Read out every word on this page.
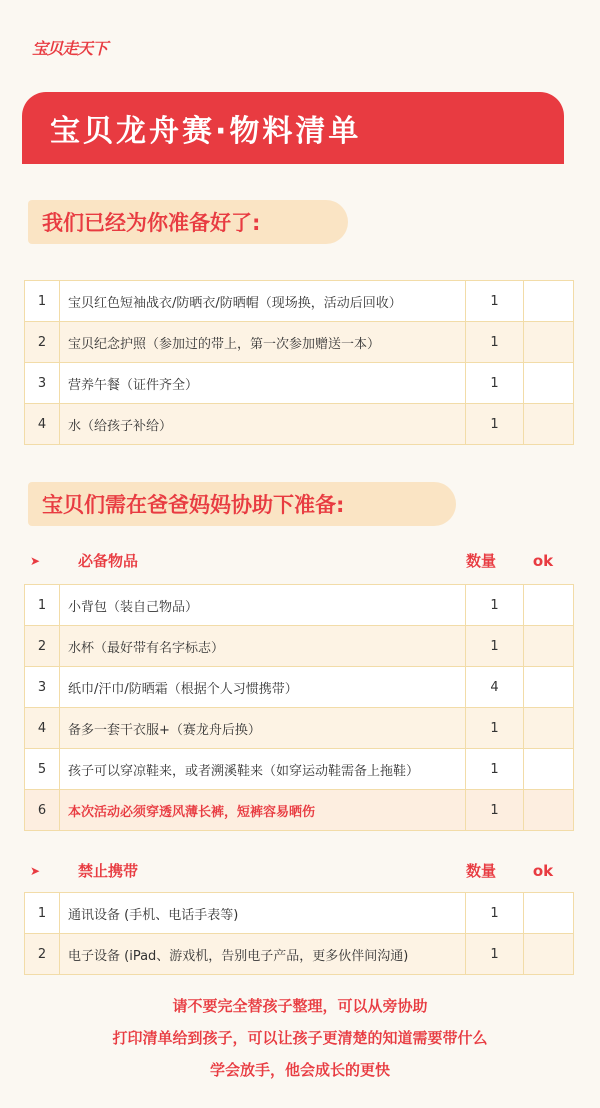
宝贝走天下
宝贝龙舟赛·物料清单
我们已经为你准备好了:
1	宝贝红色短袖战衣/防晒衣/防晒帽（现场换，活动后回收）	1	
2	宝贝纪念护照（参加过的带上，第一次参加赠送一本）	1	
3	营养午餐（证件齐全）	1	
4	水（给孩子补给）	1	
宝贝们需在爸爸妈妈协助下准备:
➤	必备物品	数量	ok
1	小背包（装自己物品）	1	
2	水杯（最好带有名字标志）	1	
3	纸巾/汗巾/防晒霜（根据个人习惯携带）	4	
4	备多一套干衣服+（赛龙舟后换）	1	
5	孩子可以穿凉鞋来，或者溯溪鞋来（如穿运动鞋需备上拖鞋）	1	
6	本次活动必须穿透风薄长裤，短裤容易晒伤	1	
➤	禁止携带	数量	ok
1	通讯设备 (手机、电话手表等)	1	
2	电子设备 (iPad、游戏机，告别电子产品，更多伙伴间沟通)	1	
请不要完全替孩子整理，可以从旁协助
打印清单给到孩子，可以让孩子更清楚的知道需要带什么
学会放手，他会成长的更快
